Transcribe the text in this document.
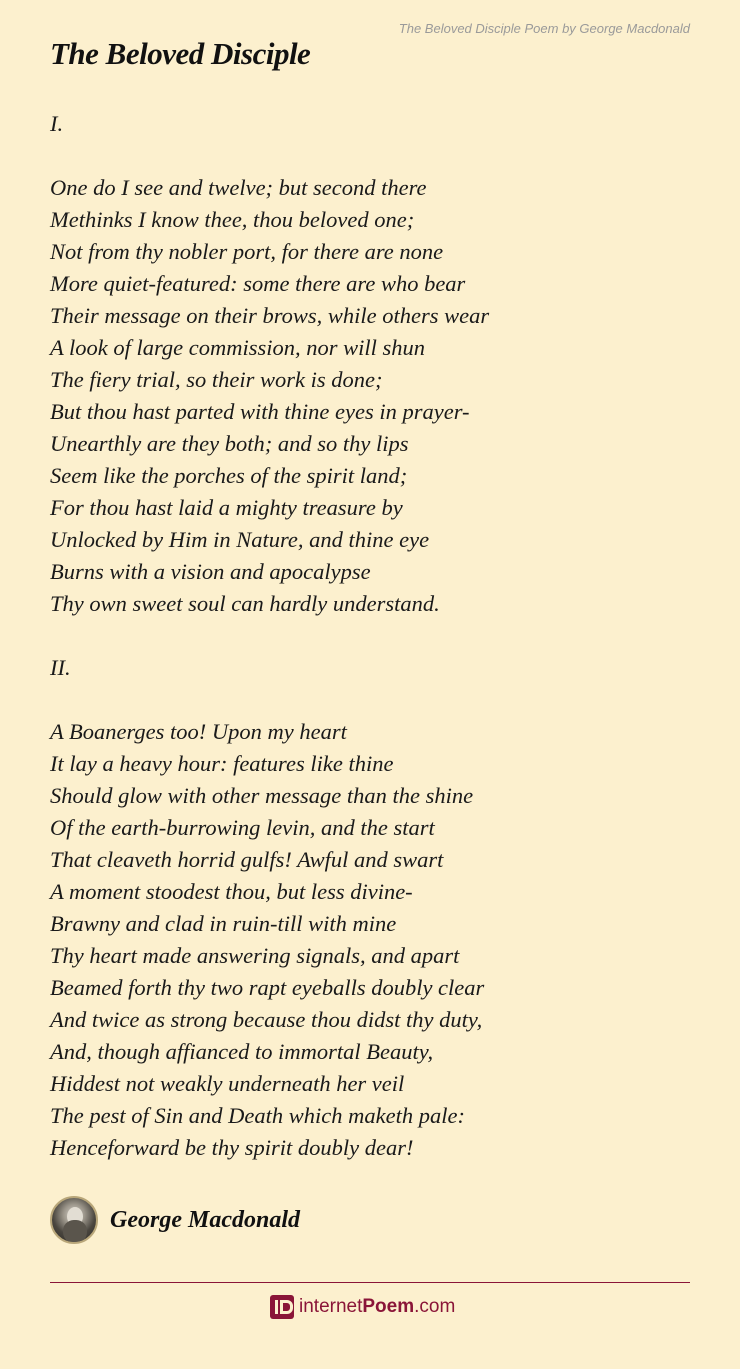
The Beloved Disciple Poem by George Macdonald
The Beloved Disciple
I.
One do I see and twelve; but second there
Methinks I know thee, thou beloved one;
Not from thy nobler port, for there are none
More quiet-featured: some there are who bear
Their message on their brows, while others wear
A look of large commission, nor will shun
The fiery trial, so their work is done;
But thou hast parted with thine eyes in prayer-
Unearthly are they both; and so thy lips
Seem like the porches of the spirit land;
For thou hast laid a mighty treasure by
Unlocked by Him in Nature, and thine eye
Burns with a vision and apocalypse
Thy own sweet soul can hardly understand.
II.
A Boanerges too! Upon my heart
It lay a heavy hour: features like thine
Should glow with other message than the shine
Of the earth-burrowing levin, and the start
That cleaveth horrid gulfs! Awful and swart
A moment stoodest thou, but less divine-
Brawny and clad in ruin-till with mine
Thy heart made answering signals, and apart
Beamed forth thy two rapt eyeballs doubly clear
And twice as strong because thou didst thy duty,
And, though affianced to immortal Beauty,
Hiddest not weakly underneath her veil
The pest of Sin and Death which maketh pale:
Henceforward be thy spirit doubly dear!
George Macdonald
internet Poem .com
